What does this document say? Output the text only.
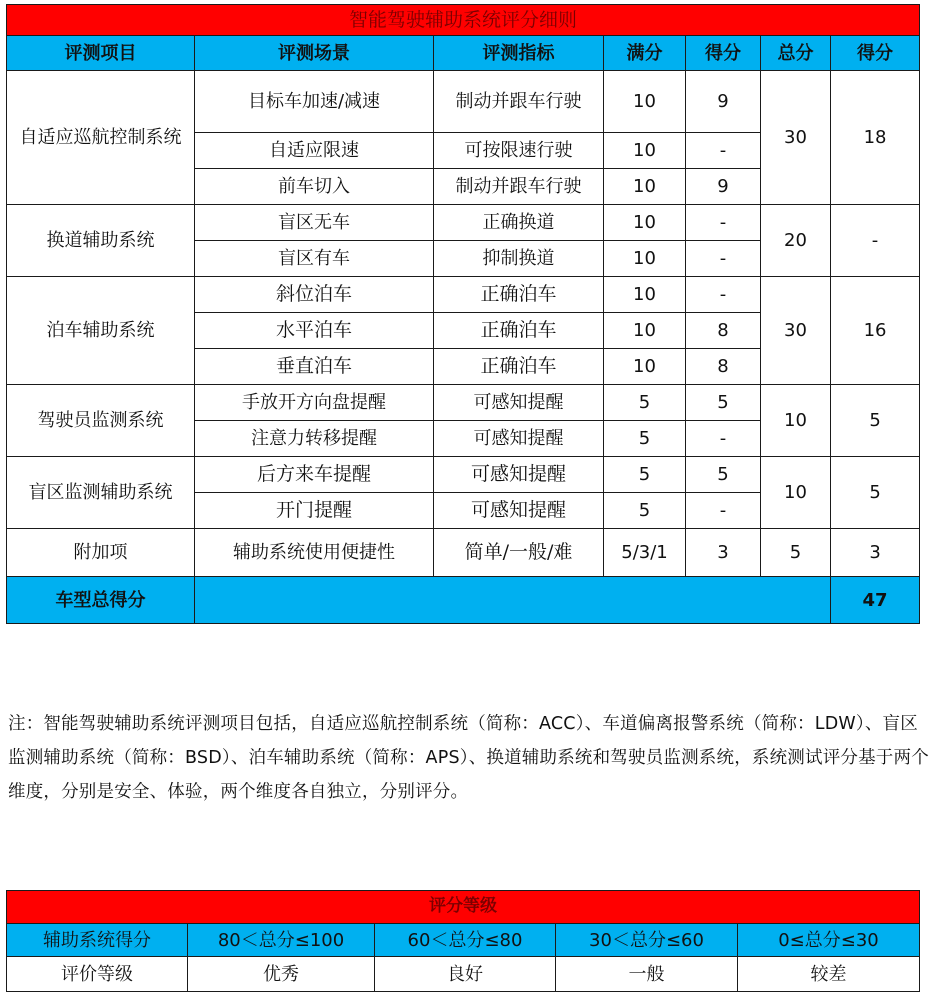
智能驾驶辅助系统评分细则						
评测项目	评测场景	评测指标	满分	得分	总分	得分
自适应巡航控制系统	目标车加速/减速	制动并跟车行驶	10	9	30	18
	自适应限速	可按限速行驶	10	-		
	前车切入	制动并跟车行驶	10	9		
换道辅助系统	盲区无车	正确换道	10	-	20	-
	盲区有车	抑制换道	10	-		
泊车辅助系统	斜位泊车	正确泊车	10	-	30	16
	水平泊车	正确泊车	10	8		
	垂直泊车	正确泊车	10	8		
驾驶员监测系统	手放开方向盘提醒	可感知提醒	5	5	10	5
	注意力转移提醒	可感知提醒	5	-		
盲区监测辅助系统	后方来车提醒	可感知提醒	5	5	10	5
	开门提醒	可感知提醒	5	-		
附加项	辅助系统使用便捷性	简单/一般/难	5/3/1	3	5	3
车型总得分						47

注：智能驾驶辅助系统评测项目包括，自适应巡航控制系统（简称：ACC）、车道偏离报警系统（简称：LDW）、盲区监测辅助系统（简称：BSD）、泊车辅助系统（简称：APS）、换道辅助系统和驾驶员监测系统，系统测试评分基于两个维度，分别是安全、体验，两个维度各自独立，分别评分。

评分等级				
辅助系统得分	80＜总分≤100	60＜总分≤80	30＜总分≤60	0≤总分≤30
评价等级	优秀	良好	一般	较差
